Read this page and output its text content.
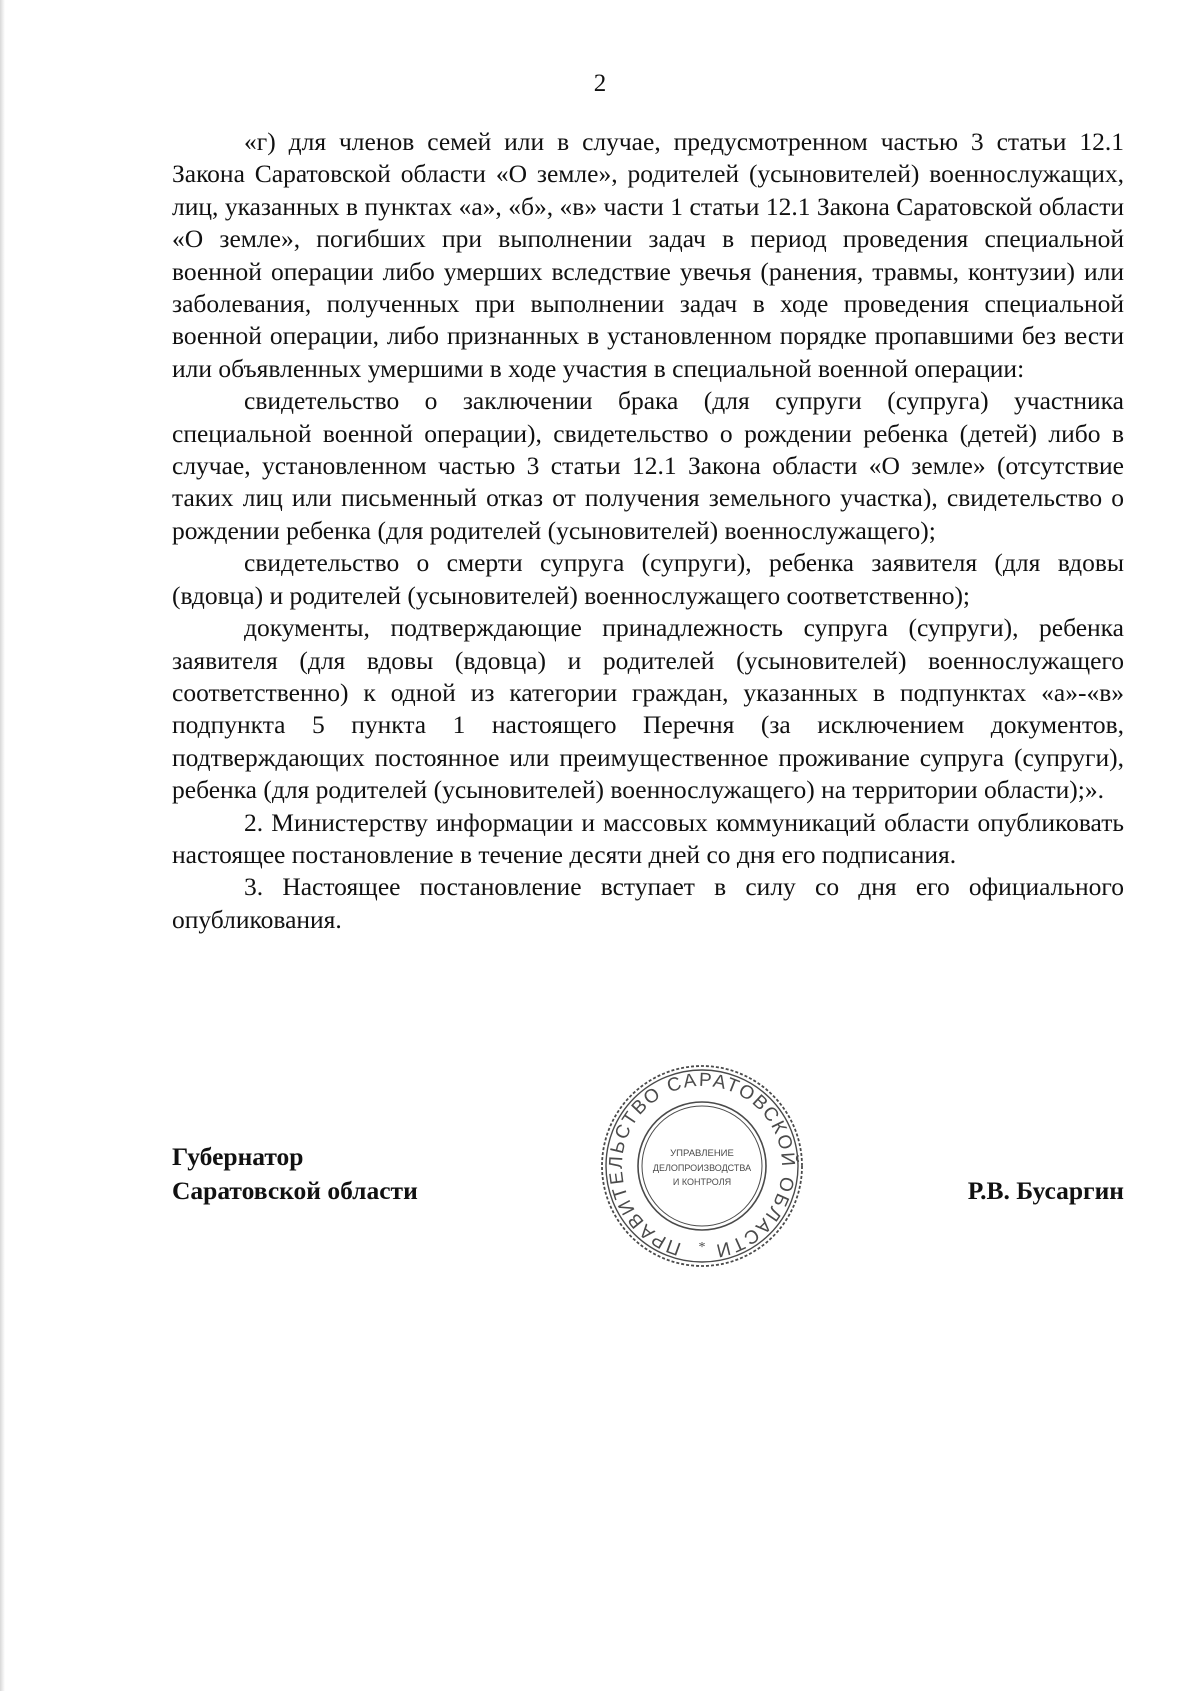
2

«г) для членов семей или в случае, предусмотренном частью 3 статьи 12.1 Закона Саратовской области «О земле», родителей (усыновителей) военнослужащих, лиц, указанных в пунктах «а», «б», «в» части 1 статьи 12.1 Закона Саратовской области «О земле», погибших при выполнении задач в период проведения специальной военной операции либо умерших вследствие увечья (ранения, травмы, контузии) или заболевания, полученных при выполнении задач в ходе проведения специальной военной операции, либо признанных в установленном порядке пропавшими без вести или объявленных умершими в ходе участия в специальной военной операции:

свидетельство о заключении брака (для супруги (супруга) участника специальной военной операции), свидетельство о рождении ребенка (детей) либо в случае, установленном частью 3 статьи 12.1 Закона области «О земле» (отсутствие таких лиц или письменный отказ от получения земельного участка), свидетельство о рождении ребенка (для родителей (усыновителей) военнослужащего);

свидетельство о смерти супруга (супруги), ребенка заявителя (для вдовы (вдовца) и родителей (усыновителей) военнослужащего соответственно);

документы, подтверждающие принадлежность супруга (супруги), ребенка заявителя (для вдовы (вдовца) и родителей (усыновителей) военнослужащего соответственно) к одной из категории граждан, указанных в подпунктах «а»-«в» подпункта 5 пункта 1 настоящего Перечня (за исключением документов, подтверждающих постоянное или преимущественное проживание супруга (супруги), ребенка (для родителей (усыновителей) военнослужащего) на территории области);».

2. Министерству информации и массовых коммуникаций области опубликовать настоящее постановление в течение десяти дней со дня его подписания.

3. Настоящее постановление вступает в силу со дня его официального опубликования.

Губернатор
Саратовской области	Р.В. Бусаргин
ПРАВИТЕЛЬСТВО САРАТОВСКОЙ ОБЛАСТИ
*
УПРАВЛЕНИЕ
ДЕЛОПРОИЗВОДСТВА
И КОНТРОЛЯ
